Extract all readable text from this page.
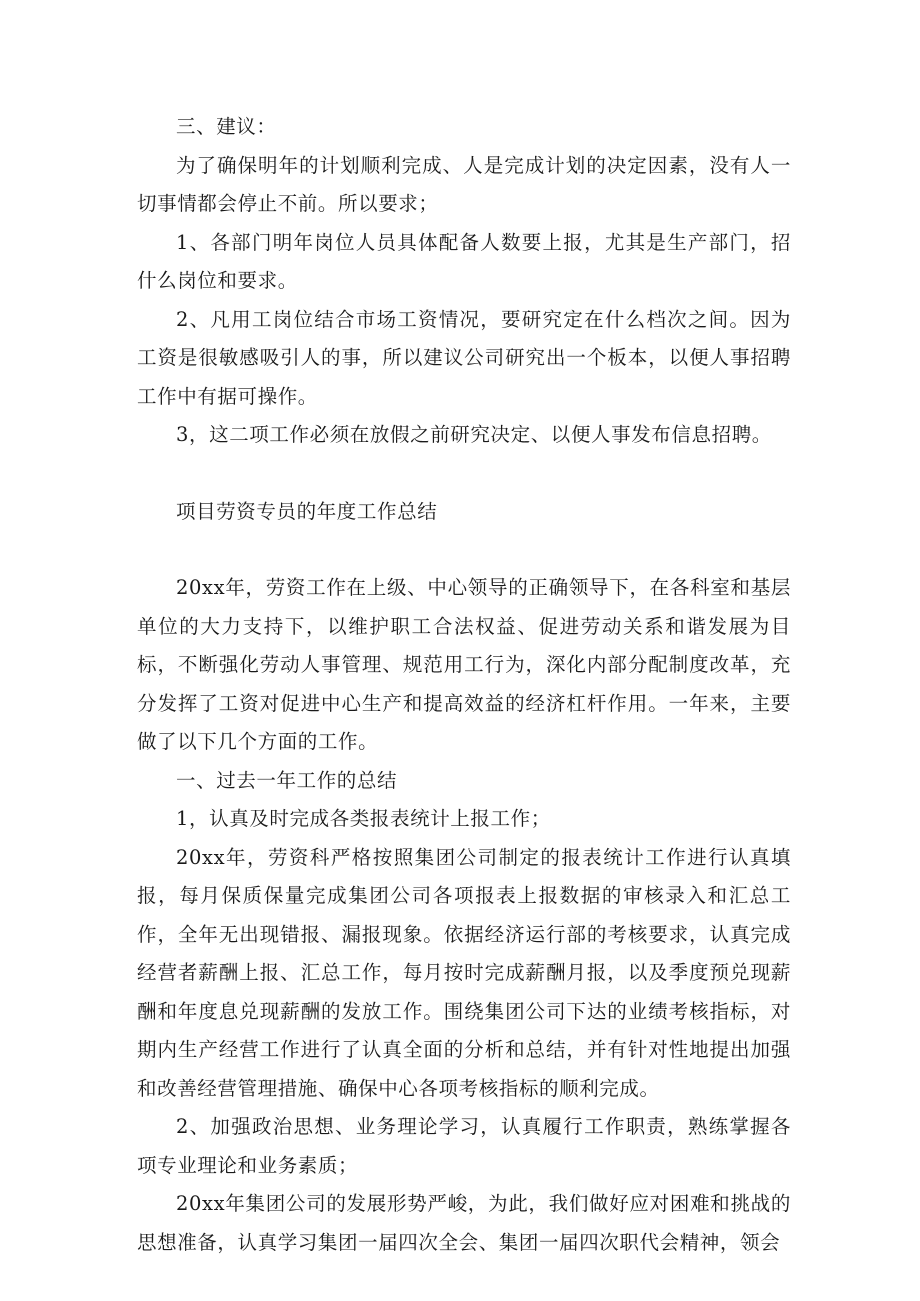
三、建议：

为了确保明年的计划顺利完成、人是完成计划的决定因素，没有人一切事情都会停止不前。所以要求；

1、各部门明年岗位人员具体配备人数要上报，尤其是生产部门，招什么岗位和要求。

2、凡用工岗位结合市场工资情况，要研究定在什么档次之间。因为工资是很敏感吸引人的事，所以建议公司研究出一个板本，以便人事招聘工作中有据可操作。

3，这二项工作必须在放假之前研究决定、以便人事发布信息招聘。

项目劳资专员的年度工作总结

20xx年，劳资工作在上级、中心领导的正确领导下，在各科室和基层单位的大力支持下，以维护职工合法权益、促进劳动关系和谐发展为目标，不断强化劳动人事管理、规范用工行为，深化内部分配制度改革，充分发挥了工资对促进中心生产和提高效益的经济杠杆作用。一年来，主要做了以下几个方面的工作。

一、过去一年工作的总结

1，认真及时完成各类报表统计上报工作；

20xx年，劳资科严格按照集团公司制定的报表统计工作进行认真填报，每月保质保量完成集团公司各项报表上报数据的审核录入和汇总工作，全年无出现错报、漏报现象。依据经济运行部的考核要求，认真完成经营者薪酬上报、汇总工作，每月按时完成薪酬月报，以及季度预兑现薪酬和年度息兑现薪酬的发放工作。围绕集团公司下达的业绩考核指标，对期内生产经营工作进行了认真全面的分析和总结，并有针对性地提出加强和改善经营管理措施、确保中心各项考核指标的顺利完成。

2、加强政治思想、业务理论学习，认真履行工作职责，熟练掌握各项专业理论和业务素质；

20xx年集团公司的发展形势严峻，为此，我们做好应对困难和挑战的思想准备，认真学习集团一届四次全会、集团一届四次职代会精神，领会
